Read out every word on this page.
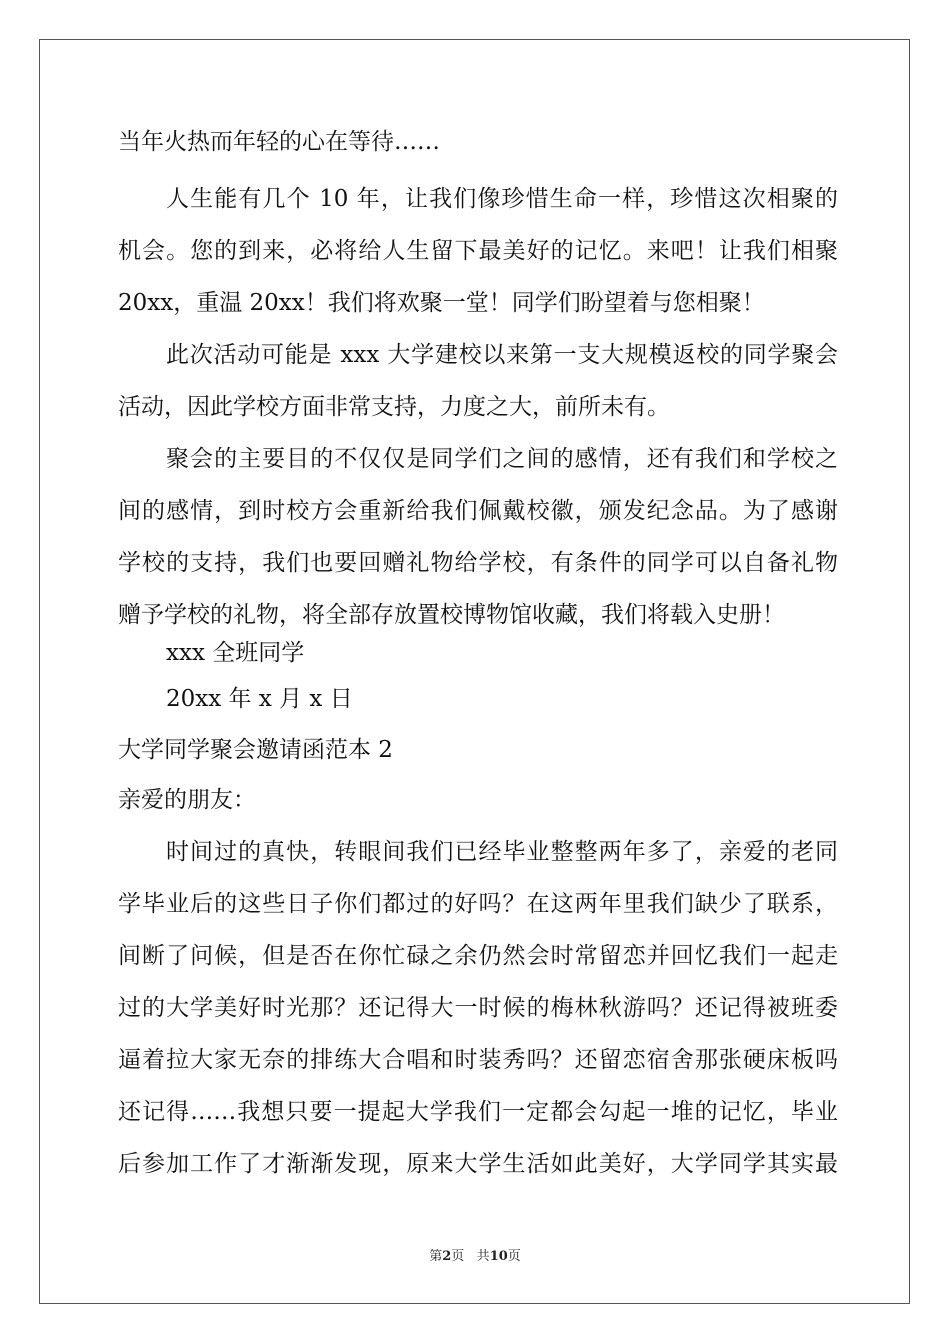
当年火热而年轻的心在等待……
人生能有几个 10 年，让我们像珍惜生命一样，珍惜这次相聚的
机会。您的到来，必将给人生留下最美好的记忆。来吧！让我们相聚
20xx，重温 20xx！我们将欢聚一堂！同学们盼望着与您相聚！
此次活动可能是 xxx 大学建校以来第一支大规模返校的同学聚会
活动，因此学校方面非常支持，力度之大，前所未有。
聚会的主要目的不仅仅是同学们之间的感情，还有我们和学校之
间的感情，到时校方会重新给我们佩戴校徽，颁发纪念品。为了感谢
学校的支持，我们也要回赠礼物给学校，有条件的同学可以自备礼物
赠予学校的礼物，将全部存放置校博物馆收藏，我们将载入史册！
xxx 全班同学
20xx 年 x 月 x 日
大学同学聚会邀请函范本 2
亲爱的朋友：
时间过的真快，转眼间我们已经毕业整整两年多了，亲爱的老同
学毕业后的这些日子你们都过的好吗？在这两年里我们缺少了联系，
间断了问候，但是否在你忙碌之余仍然会时常留恋并回忆我们一起走
过的大学美好时光那？还记得大一时候的梅林秋游吗？还记得被班委
逼着拉大家无奈的排练大合唱和时装秀吗？还留恋宿舍那张硬床板吗
还记得……我想只要一提起大学我们一定都会勾起一堆的记忆，毕业
后参加工作了才渐渐发现，原来大学生活如此美好，大学同学其实最
第2页 共10页
